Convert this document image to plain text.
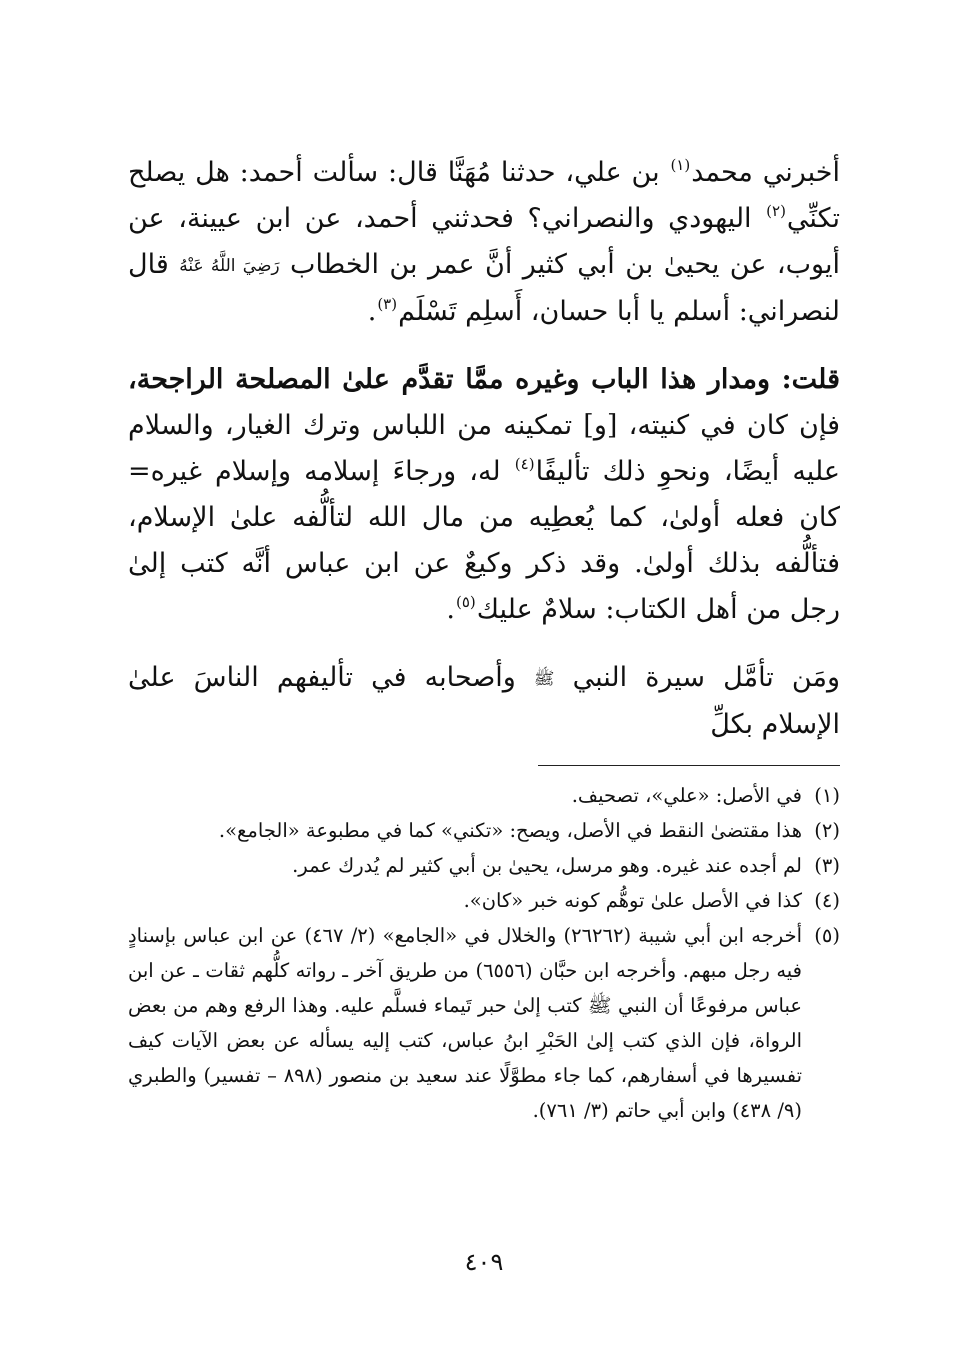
أخبرني محمد$^{(١)}$ بن علي، حدثنا مُهَنَّا قال: سألت أحمد: هل يصلح تكنِّي$^{(٢)}$ اليهودي والنصراني؟ فحدثني أحمد، عن ابن عيينة، عن أيوب، عن يحيىٰ بن أبي كثير أنَّ عمر بن الخطاب رَضِيَ اللَّهُ عَنْهُ قال لنصراني: أسلم يا أبا حسان، أَسلِم تَسْلَم$^{(٣)}$.

قلت: ومدار هذا الباب وغيره ممَّا تقدَّم علىٰ المصلحة الراجحة، فإن كان في كنيته، [و] تمكينه من اللباس وترك الغيار، والسلام عليه أيضًا، ونحوِ ذلك تأليفًا$^{(٤)}$ له، ورجاءَ إسلامه وإسلام غيره= كان فعله أولىٰ، كما يُعطِيه من مال الله لتألُّفه علىٰ الإسلام، فتألُّفه بذلك أولىٰ. وقد ذكر وكيعٌ عن ابن عباس أنَّه كتب إلىٰ رجل من أهل الكتاب: سلامٌ عليك$^{(٥)}$.

ومَن تأمَّل سيرة النبي ﷺ وأصحابه في تأليفهم الناسَ علىٰ الإسلام بكلِّ

(١)
في الأصل: «علي»، تصحيف.
(٢)
هذا مقتضىٰ النقط في الأصل، ويصح: «تكني» كما في مطبوعة «الجامع».
(٣)
لم أجده عند غيره. وهو مرسل، يحيىٰ بن أبي كثير لم يُدرك عمر.
(٤)
كذا في الأصل علىٰ توهُّم كونه خبر «كان».
(٥)
أخرجه ابن أبي شيبة (٢٦٢٦٢) والخلال في «الجامع» (٢/ ٤٦٧) عن ابن عباس بإسنادٍ فيه رجل مبهم. وأخرجه ابن حبَّان (٦٥٥٦) من طريق آخر ـ رواته كلُّهم ثقات ـ عن ابن عباس مرفوعًا أن النبي ﷺ كتب إلىٰ حبر تَيماء فسلَّم عليه. وهذا الرفع وهم من بعض الرواة، فإن الذي كتب إلىٰ الحَبْرِ ابنُ عباس، كتب إليه يسأله عن بعض الآيات كيف تفسيرها في أسفارهم، كما جاء مطوَّلًا عند سعيد بن منصور (٨٩٨ – تفسير) والطبري (٩/ ٤٣٨) وابن أبي حاتم (٣/ ٧٦١).
٤٠٩
